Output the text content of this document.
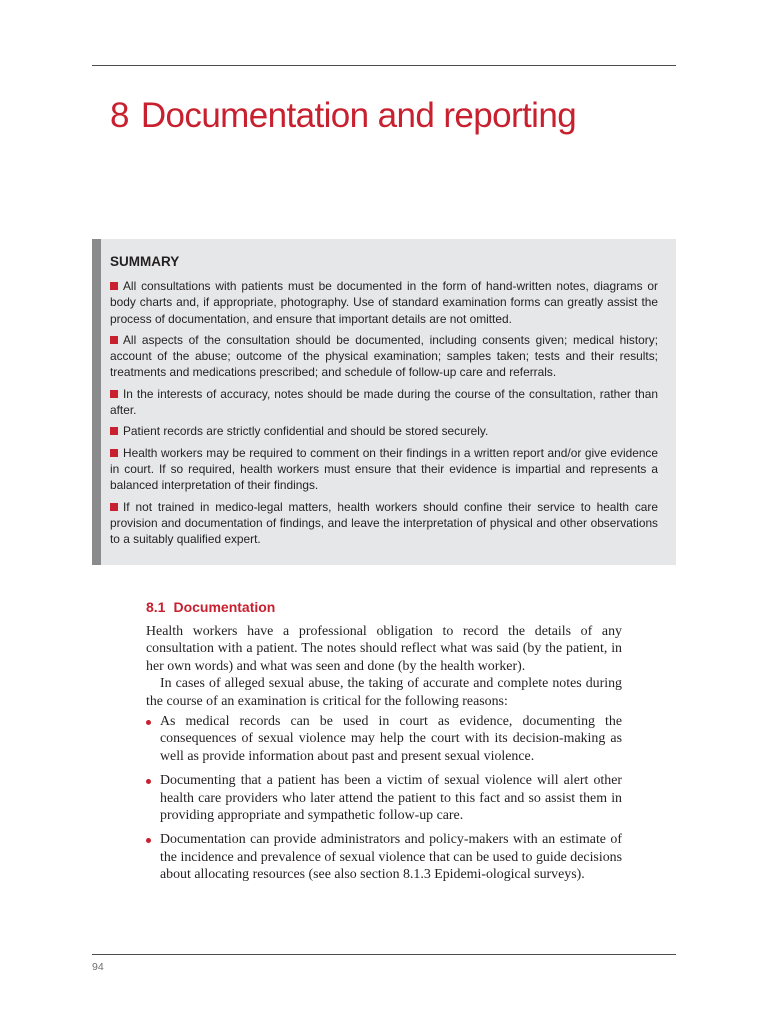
8 Documentation and reporting
SUMMARY

All consultations with patients must be documented in the form of hand-written notes, diagrams or body charts and, if appropriate, photography. Use of standard examination forms can greatly assist the process of documentation, and ensure that important details are not omitted.

All aspects of the consultation should be documented, including consents given; medical history; account of the abuse; outcome of the physical examination; samples taken; tests and their results; treatments and medications prescribed; and schedule of follow-up care and referrals.

In the interests of accuracy, notes should be made during the course of the consultation, rather than after.

Patient records are strictly confidential and should be stored securely.

Health workers may be required to comment on their findings in a written report and/or give evidence in court. If so required, health workers must ensure that their evidence is impartial and represents a balanced interpretation of their findings.

If not trained in medico-legal matters, health workers should confine their service to health care provision and documentation of findings, and leave the interpretation of physical and other observations to a suitably qualified expert.

8.1 Documentation

Health workers have a professional obligation to record the details of any consultation with a patient. The notes should reflect what was said (by the patient, in her own words) and what was seen and done (by the health worker).

In cases of alleged sexual abuse, the taking of accurate and complete notes during the course of an examination is critical for the following reasons:

As medical records can be used in court as evidence, documenting the consequences of sexual violence may help the court with its decision-making as well as provide information about past and present sexual violence.
Documenting that a patient has been a victim of sexual violence will alert other health care providers who later attend the patient to this fact and so assist them in providing appropriate and sympathetic follow-up care.
Documentation can provide administrators and policy-makers with an estimate of the incidence and prevalence of sexual violence that can be used to guide decisions about allocating resources (see also section 8.1.3 Epidemi-ological surveys).
94
